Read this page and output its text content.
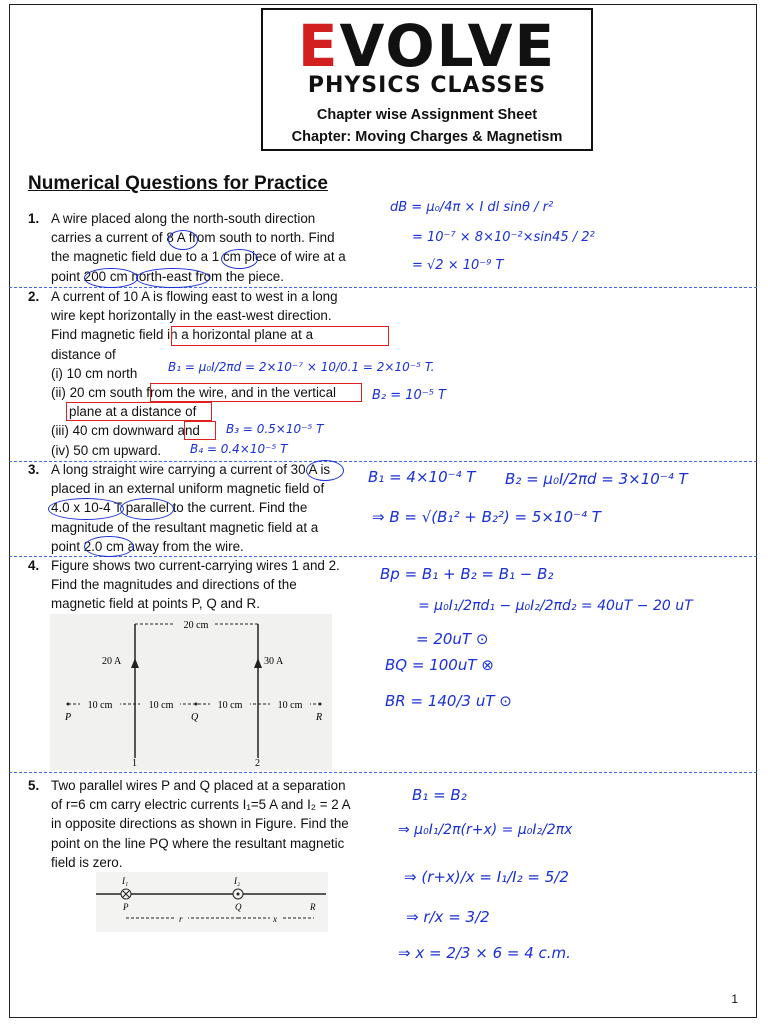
EVOLVE
PHYSICS CLASSES
Chapter wise Assignment Sheet
Chapter: Moving Charges & Magnetism
Numerical Questions for Practice
1. A wire placed along the north-south direction
carries a current of 8 A from south to north. Find
the magnetic field due to a 1 cm piece of wire at a
point 200 cm north-east from the piece.
2. A current of 10 A is flowing east to west in a long
wire kept horizontally in the east-west direction.
Find magnetic field in a horizontal plane at a
distance of
(i) 10 cm north
(ii) 20 cm south from the wire, and in the vertical
plane at a distance of
(iii) 40 cm downward and
(iv) 50 cm upward.
3. A long straight wire carrying a current of 30 A is
placed in an external uniform magnetic field of
4.0 x 10-4 T parallel to the current. Find the
magnitude of the resultant magnetic field at a
point 2.0 cm away from the wire.
4. Figure shows two current-carrying wires 1 and 2.
Find the magnitudes and directions of the
magnetic field at points P, Q and R.
20 cm
20 A	30 A
10 cm	10 cm	10 cm	10 cm
P	Q	R
1	2
5. Two parallel wires P and Q placed at a separation
of r=6 cm carry electric currents I₁=5 A and I₂ = 2 A
in opposite directions as shown in Figure. Find the
point on the line PQ where the resultant magnetic
field is zero.
I₁	I₂
P	Q	R
r	x
dB = μ₀/4π × I dl sinθ / r²
= 10⁻⁷ × 8×10⁻²×sin45 / 2²
= √2 × 10⁻⁹ T
B₁ = μ₀I/2πd = 2×10⁻⁷ × 10/0.1 = 2×10⁻⁵ T.
B₂ = 10⁻⁵ T
B₃ = 0.5×10⁻⁵ T
B₄ = 0.4×10⁻⁵ T
B₁ = 4×10⁻⁴ T B₂ = μ₀I/2πd = 3×10⁻⁴ T
⇒ B = √(B₁² + B₂²) = 5×10⁻⁴ T
Bp = B₁ + B₂ = B₁ − B₂
= μ₀I₁/2πd₁ − μ₀I₂/2πd₂ = 40uT − 20 uT
= 20uT ⊙
BQ = 100uT ⊗
BR = 140/3 uT ⊙
B₁ = B₂
⇒ μ₀I₁/2π(r+x) = μ₀I₂/2πx
⇒ (r+x)/x = I₁/I₂ = 5/2
⇒ r/x = 3/2
⇒ x = 2/3 × 6 = 4 c.m.
1
